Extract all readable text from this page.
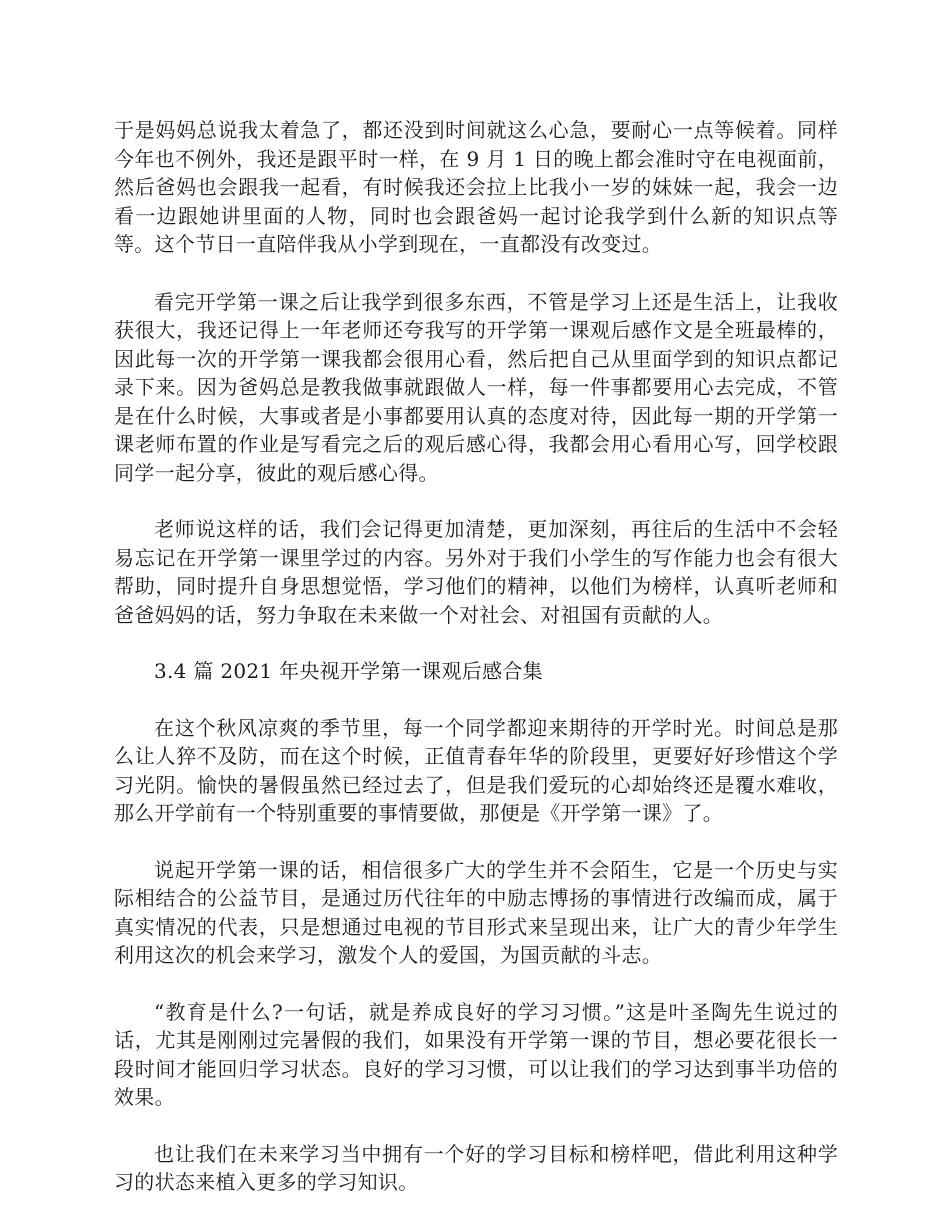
于是妈妈总说我太着急了，都还没到时间就这么心急，要耐心一点等候着。同样今年也不例外，我还是跟平时一样，在 9 月 1 日的晚上都会准时守在电视面前，然后爸妈也会跟我一起看，有时候我还会拉上比我小一岁的妹妹一起，我会一边看一边跟她讲里面的人物，同时也会跟爸妈一起讨论我学到什么新的知识点等等。这个节日一直陪伴我从小学到现在，一直都没有改变过。

看完开学第一课之后让我学到很多东西，不管是学习上还是生活上，让我收获很大，我还记得上一年老师还夸我写的开学第一课观后感作文是全班最棒的，因此每一次的开学第一课我都会很用心看，然后把自己从里面学到的知识点都记录下来。因为爸妈总是教我做事就跟做人一样，每一件事都要用心去完成，不管是在什么时候，大事或者是小事都要用认真的态度对待，因此每一期的开学第一课老师布置的作业是写看完之后的观后感心得，我都会用心看用心写，回学校跟同学一起分享，彼此的观后感心得。

老师说这样的话，我们会记得更加清楚，更加深刻，再往后的生活中不会轻易忘记在开学第一课里学过的内容。另外对于我们小学生的写作能力也会有很大帮助，同时提升自身思想觉悟，学习他们的精神，以他们为榜样，认真听老师和爸爸妈妈的话，努力争取在未来做一个对社会、对祖国有贡献的人。

3.4 篇 2021 年央视开学第一课观后感合集

在这个秋风凉爽的季节里，每一个同学都迎来期待的开学时光。时间总是那么让人猝不及防，而在这个时候，正值青春年华的阶段里，更要好好珍惜这个学习光阴。愉快的暑假虽然已经过去了，但是我们爱玩的心却始终还是覆水难收，那么开学前有一个特别重要的事情要做，那便是《开学第一课》了。

说起开学第一课的话，相信很多广大的学生并不会陌生，它是一个历史与实际相结合的公益节目，是通过历代往年的中励志博扬的事情进行改编而成，属于真实情况的代表，只是想通过电视的节目形式来呈现出来，让广大的青少年学生利用这次的机会来学习，激发个人的爱国，为国贡献的斗志。

“教育是什么?一句话，就是养成良好的学习习惯。”这是叶圣陶先生说过的话，尤其是刚刚过完暑假的我们，如果没有开学第一课的节目，想必要花很长一段时间才能回归学习状态。良好的学习习惯，可以让我们的学习达到事半功倍的效果。

也让我们在未来学习当中拥有一个好的学习目标和榜样吧，借此利用这种学习的状态来植入更多的学习知识。
